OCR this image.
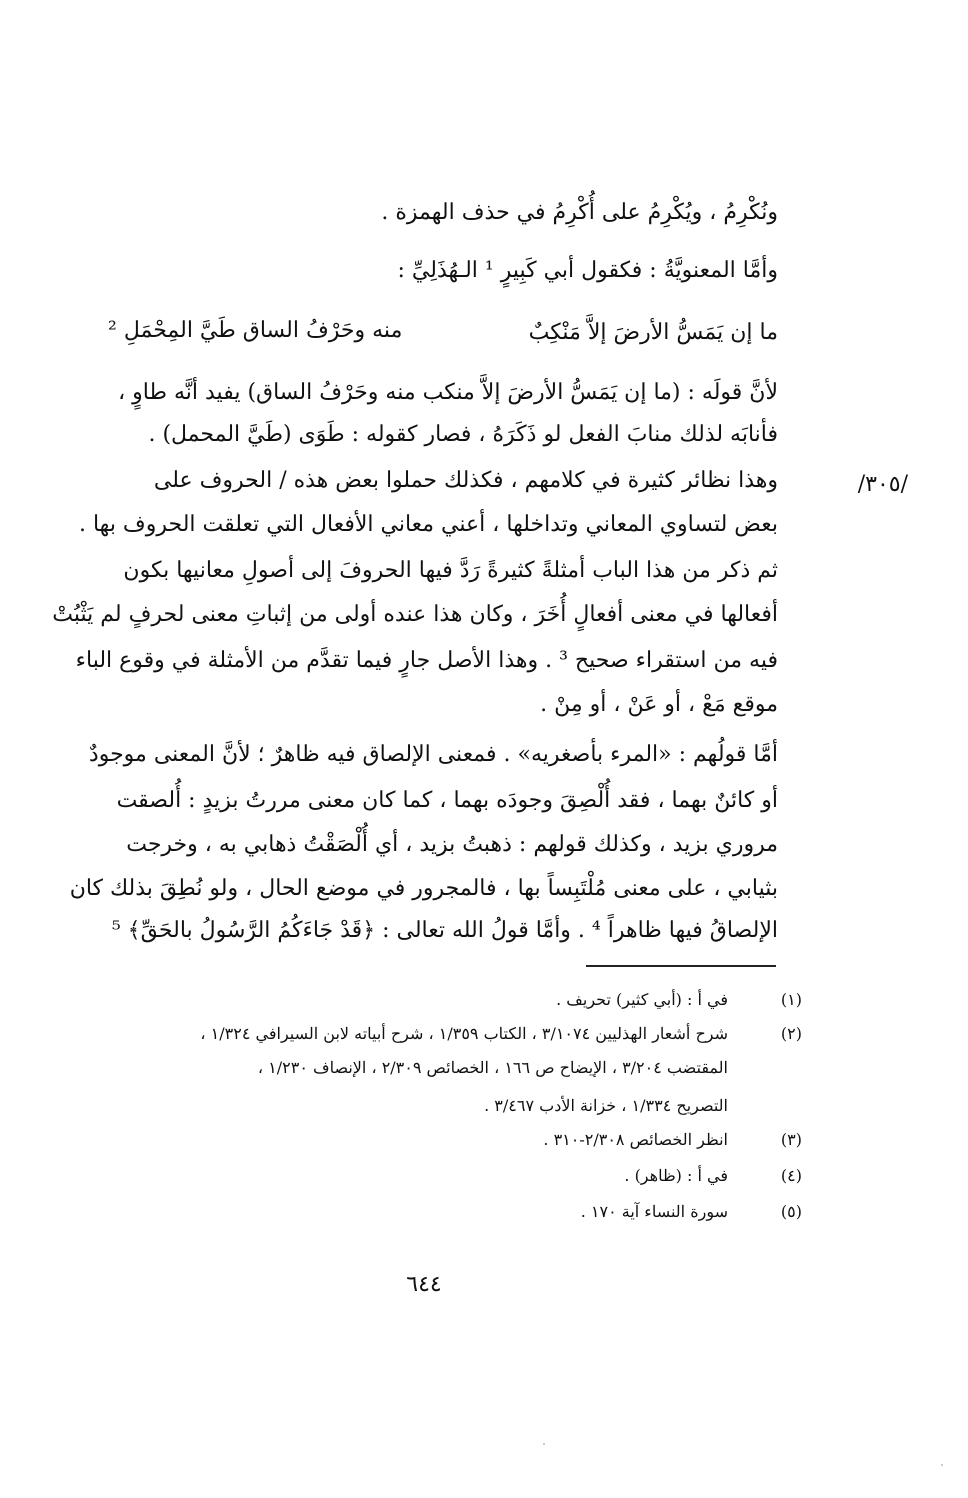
ونُكْرِمُ ، ويُكْرِمُ على أُكْرِمُ في حذف الهمزة .
وأمَّا المعنويَّةُ : فكقول أبي كَبِيرٍ ¹ الـهُذَلِيِّ :
ما إن يَمَسُّ الأرضَ إلاَّ مَنْكِبٌ
منه وحَرْفُ الساق طَيَّ المِحْمَلِ ²
لأنَّ قولَه : (ما إن يَمَسُّ الأرضَ إلاَّ منكب منه وحَرْفُ الساق) يفيد أنَّه طاوٍ ،
فأنابَه لذلك منابَ الفعل لو ذَكَرَهُ ، فصار كقوله : طَوَى (طَيَّ المحمل) .
/٣٠٥/
وهذا نظائر كثيرة في كلامهم ، فكذلك حملوا بعض هذه / الحروف على
بعض لتساوي المعاني وتداخلها ، أعني معاني الأفعال التي تعلقت الحروف بها .
ثم ذكر من هذا الباب أمثلةً كثيرةً رَدَّ فيها الحروفَ إلى أصولِ معانيها بكون
أفعالها في معنى أفعالٍ أُخَرَ ، وكان هذا عنده أولى من إثباتِ معنى لحرفٍ لم يَثْبُتْ
فيه من استقراء صحيح ³ . وهذا الأصل جارٍ فيما تقدَّم من الأمثلة في وقوع الباء
موقع مَعْ ، أو عَنْ ، أو مِنْ .
أمَّا قولُهم : «المرء بأصغريه» . فمعنى الإلصاق فيه ظاهرٌ ؛ لأنَّ المعنى موجودٌ
أو كائنٌ بهما ، فقد أُلْصِقَ وجودَه بهما ، كما كان معنى مررتُ بزيدٍ : أُلصقت
مروري بزيد ، وكذلك قولهم : ذهبتُ بزيد ، أي أُلْصَقْتُ ذهابي به ، وخرجت
بثيابي ، على معنى مُلْتَبِساً بها ، فالمجرور في موضع الحال ، ولو نُطِقَ بذلك كان
الإلصاقُ فيها ظاهراً ⁴ . وأمَّا قولُ الله تعالى : ﴿قَدْ جَاءَكُمُ الرَّسُولُ بالحَقِّ﴾ ⁵
(١)
في أ : (أبي كثير) تحريف .
(٢)
شرح أشعار الهذليين ٣/١٠٧٤ ، الكتاب ١/٣٥٩ ، شرح أبياته لابن السيرافي ١/٣٢٤ ،
المقتضب ٣/٢٠٤ ، الإيضاح ص ١٦٦ ، الخصائص ٢/٣٠٩ ، الإنصاف ١/٢٣٠ ،
التصريح ١/٣٣٤ ، خزانة الأدب ٣/٤٦٧ .
(٣)
انظر الخصائص ٢/٣٠٨-٣١٠ .
(٤)
في أ : (ظاهر) .
(٥)
سورة النساء آية ١٧٠ .
٦٤٤
